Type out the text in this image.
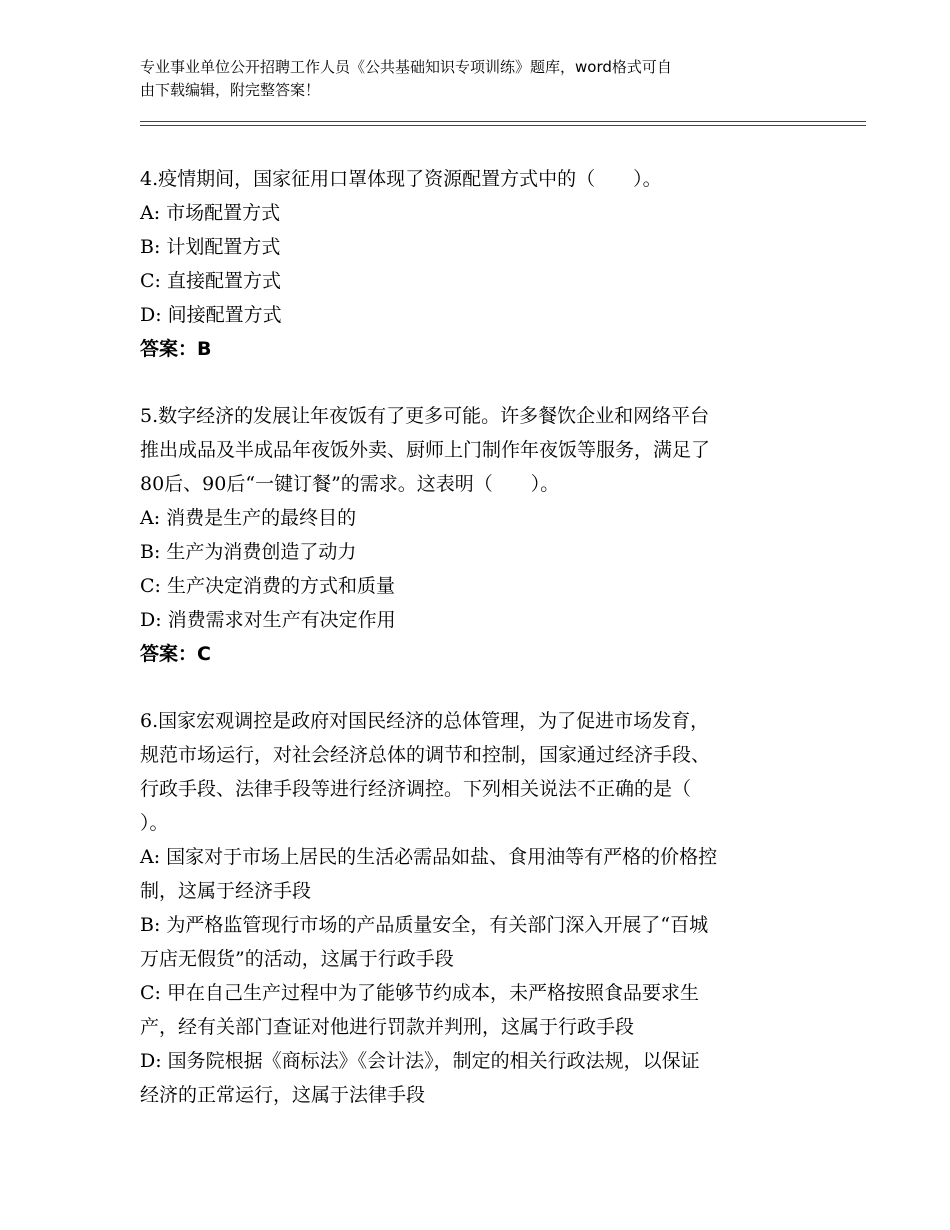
专业事业单位公开招聘工作人员《公共基础知识专项训练》题库，word格式可自
由下载编辑，附完整答案！
4.疫情期间，国家征用口罩体现了资源配置方式中的（　　）。
A: 市场配置方式
B: 计划配置方式
C: 直接配置方式
D: 间接配置方式
答案：B
5.数字经济的发展让年夜饭有了更多可能。许多餐饮企业和网络平台
推出成品及半成品年夜饭外卖、厨师上门制作年夜饭等服务，满足了
80后、90后“一键订餐”的需求。这表明（　　）。
A: 消费是生产的最终目的
B: 生产为消费创造了动力
C: 生产决定消费的方式和质量
D: 消费需求对生产有决定作用
答案：C
6.国家宏观调控是政府对国民经济的总体管理，为了促进市场发育，
规范市场运行，对社会经济总体的调节和控制，国家通过经济手段、
行政手段、法律手段等进行经济调控。下列相关说法不正确的是（
）。
A: 国家对于市场上居民的生活必需品如盐、食用油等有严格的价格控
制，这属于经济手段
B: 为严格监管现行市场的产品质量安全，有关部门深入开展了“百城
万店无假货”的活动，这属于行政手段
C: 甲在自己生产过程中为了能够节约成本，未严格按照食品要求生
产，经有关部门查证对他进行罚款并判刑，这属于行政手段
D: 国务院根据《商标法》《会计法》，制定的相关行政法规，以保证
经济的正常运行，这属于法律手段
